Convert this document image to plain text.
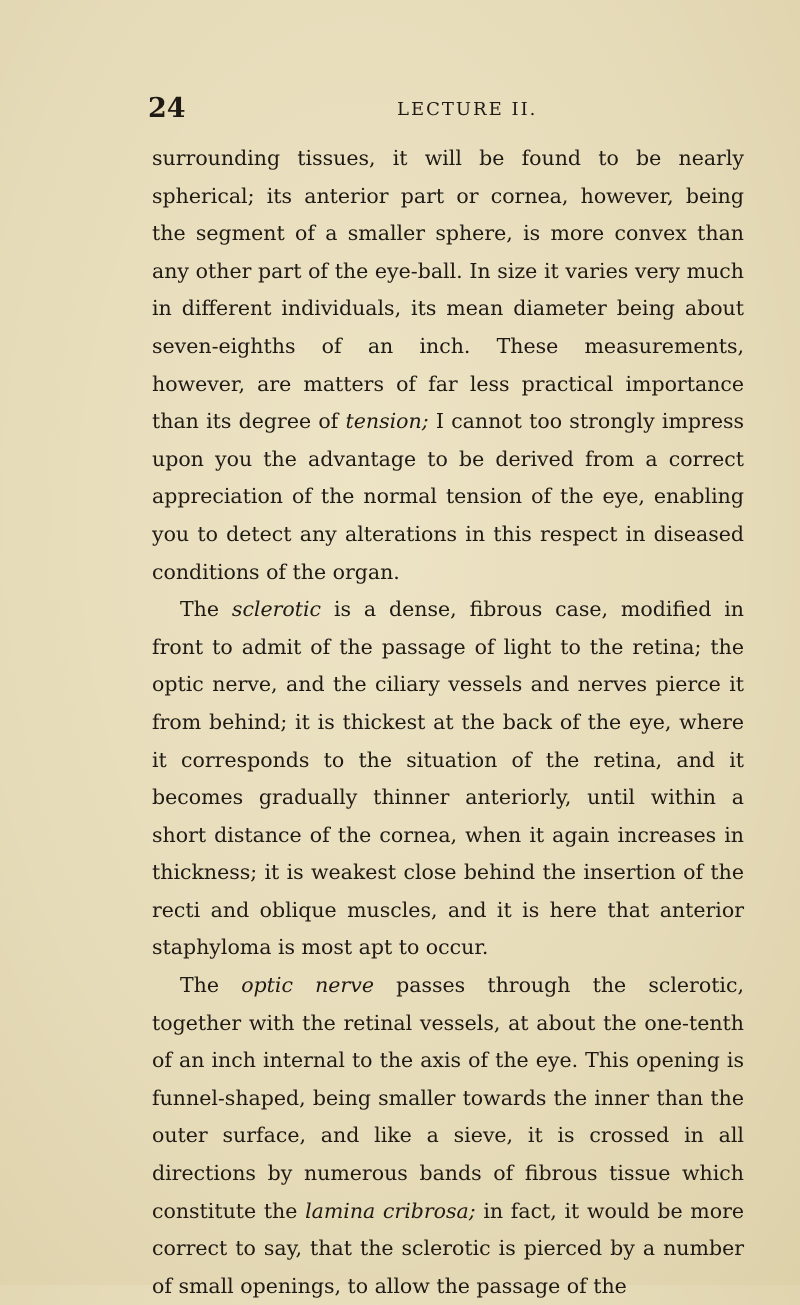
24	LECTURE II.

surrounding tissues, it will be found to be nearly spherical; its anterior part or cornea, however, being the segment of a smaller sphere, is more convex than any other part of the eye-ball. In size it varies very much in different individuals, its mean diameter being about seven-eighths of an inch. These measurements, however, are matters of far less practical importance than its degree of tension; I cannot too strongly impress upon you the advantage to be derived from a correct appreciation of the normal tension of the eye, enabling you to detect any alterations in this respect in diseased conditions of the organ.

The sclerotic is a dense, fibrous case, modified in front to admit of the passage of light to the retina; the optic nerve, and the ciliary vessels and nerves pierce it from behind; it is thickest at the back of the eye, where it corresponds to the situation of the retina, and it becomes gradually thinner anteriorly, until within a short distance of the cornea, when it again increases in thickness; it is weakest close behind the insertion of the recti and oblique muscles, and it is here that anterior staphyloma is most apt to occur.

The optic nerve passes through the sclerotic, together with the retinal vessels, at about the one-tenth of an inch internal to the axis of the eye. This opening is funnel-shaped, being smaller towards the inner than the outer surface, and like a sieve, it is crossed in all directions by numerous bands of fibrous tissue which constitute the lamina cribrosa; in fact, it would be more correct to say, that the sclerotic is pierced by a number of small openings, to allow the passage of the
